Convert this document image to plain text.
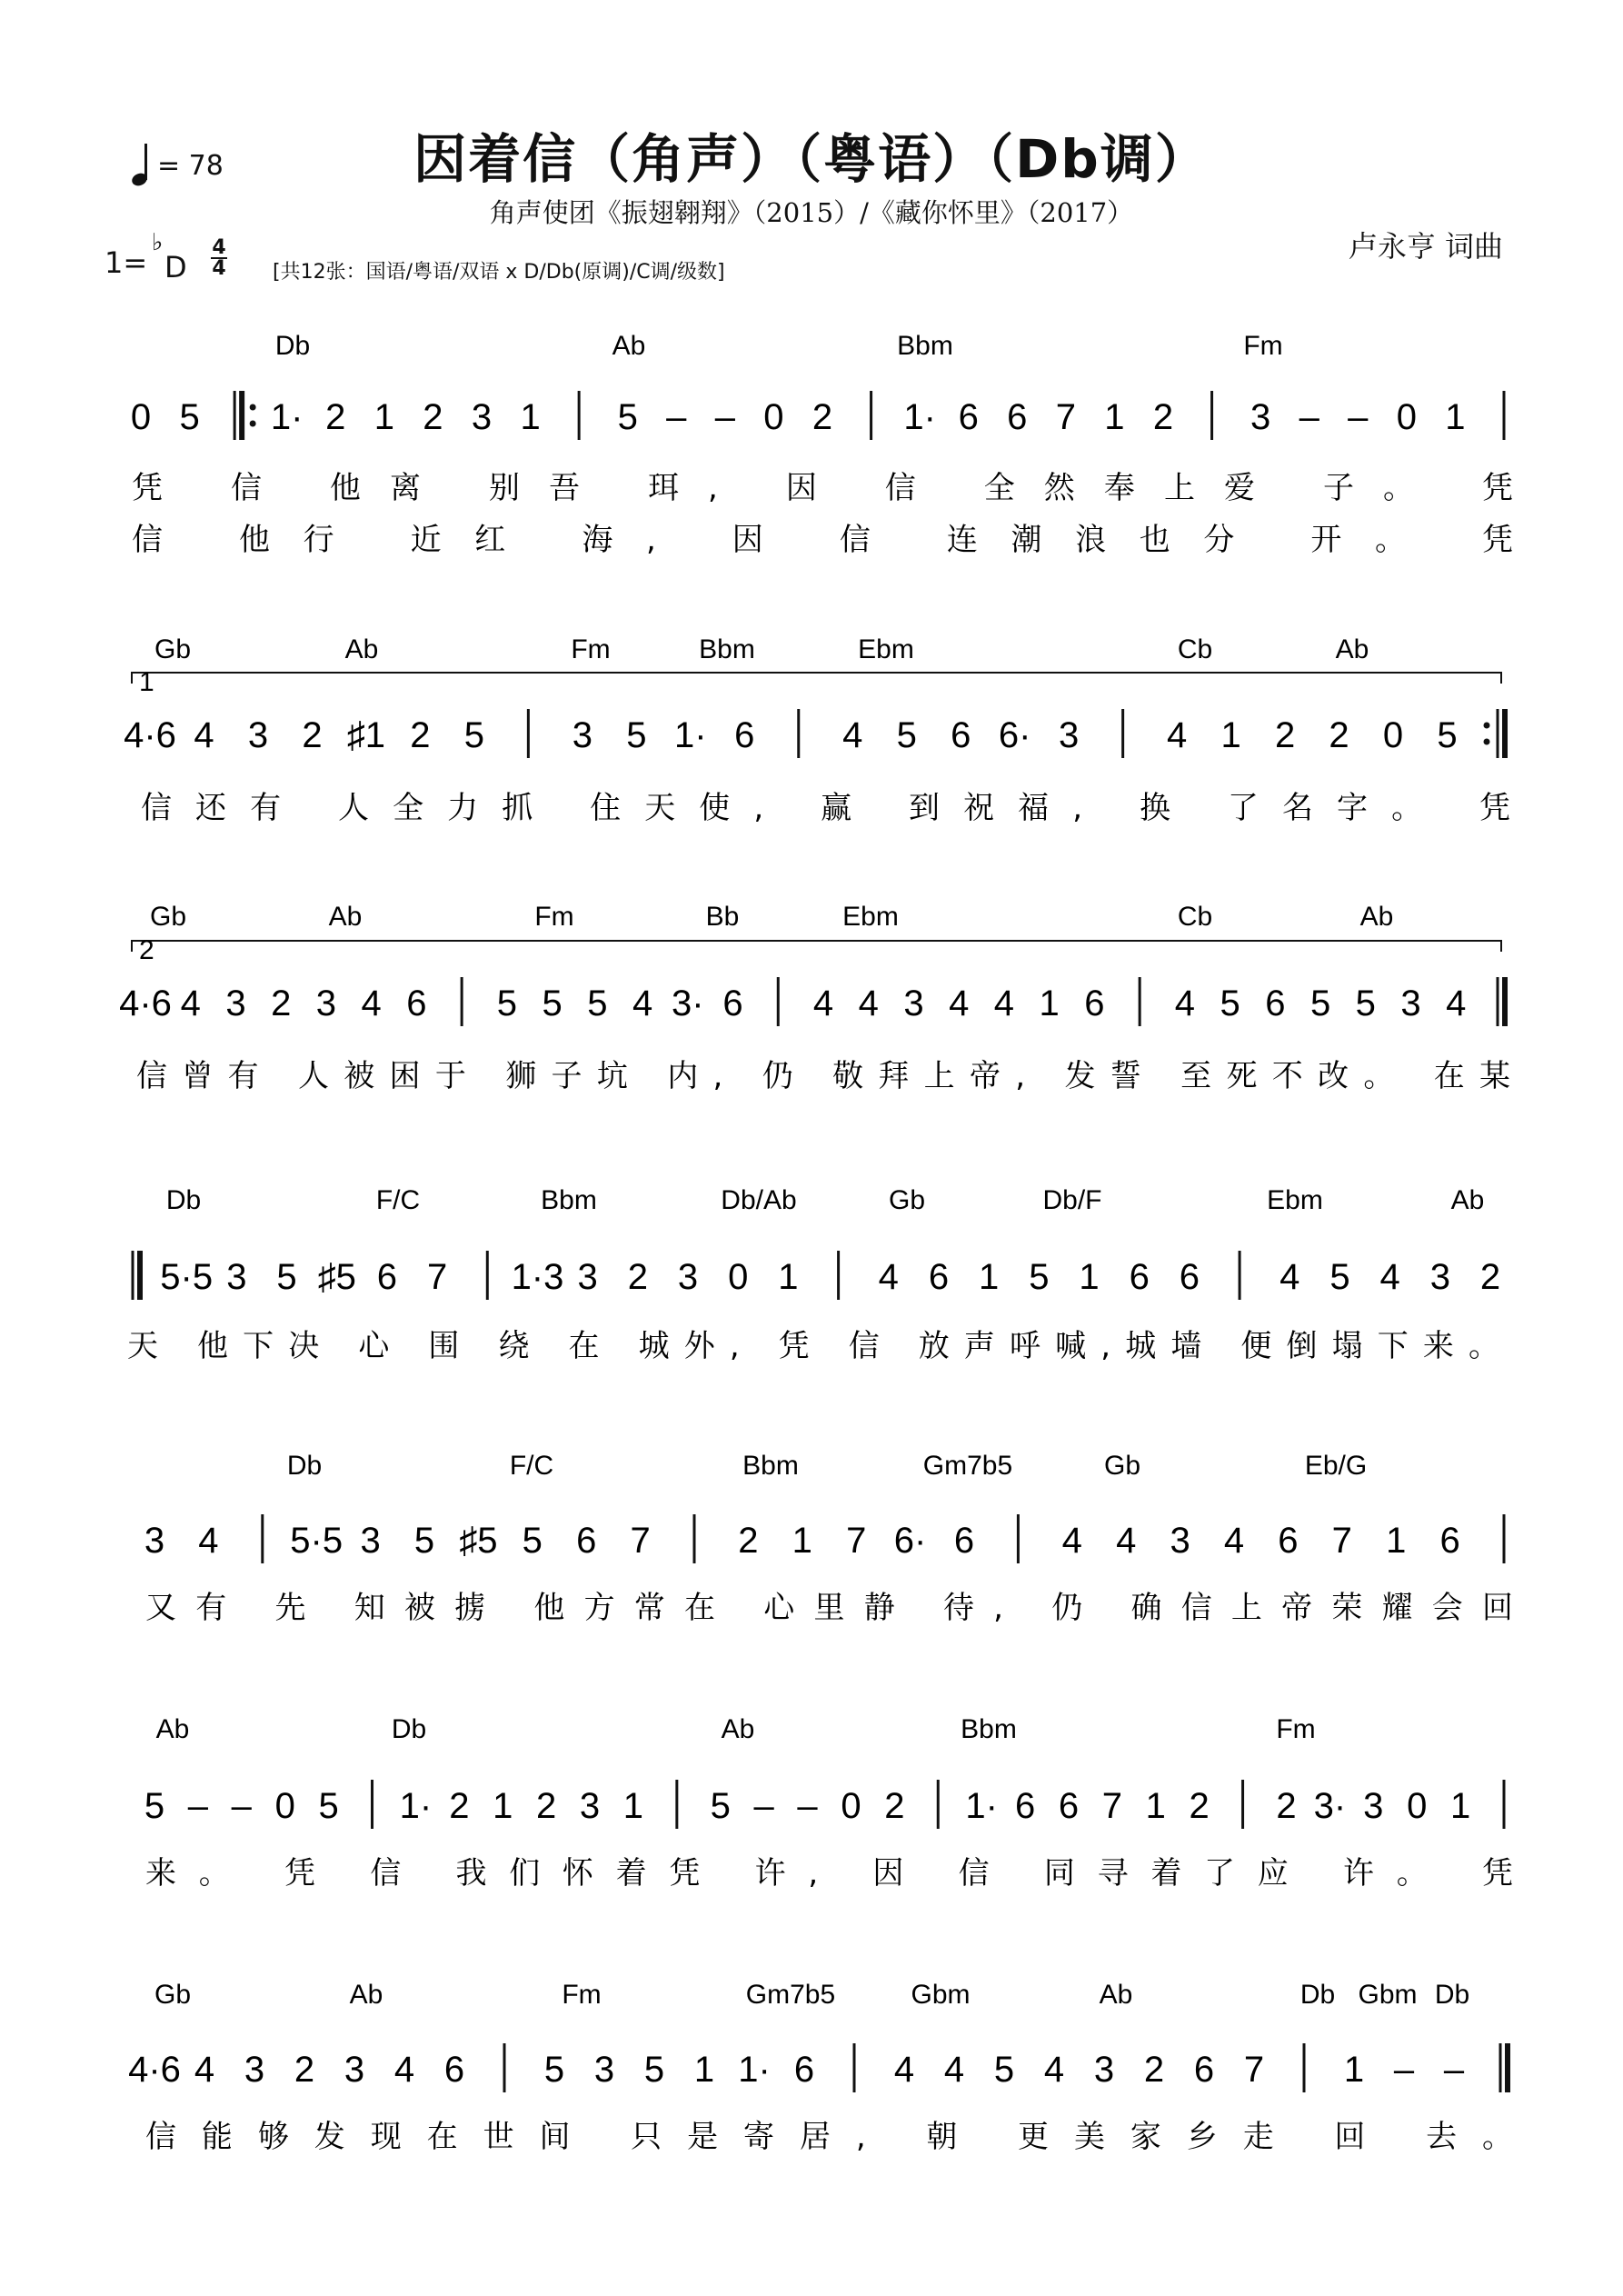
因着信（角声）（粤语）（Db调）
角声使团《振翅翱翔》（2015）/《藏你怀里》（2017）
卢永亨 词曲
= 78
1=
♭
D
4
4 [共12张：国语/粤语/双语 x D/Db(原调)/C调/级数]
Db	Ab	Bbm	Fm
0 5 1· 2 1 2 3 1 5 – – 0 2 1· 6 6 7 1 2 3 – – 0 1
凭 信 他离 别吾 珥, 因 信 全然奉上爱 子。 凭
信 他行 近红 海, 因 信 连潮浪也分 开。 凭
1
Gb	Ab	Fm	Bbm	Ebm	Cb	Ab
4·6 4 3 2 ♯1 2 5 3 5 1· 6 4 5 6 6· 3 4 1 2 2 0 5
信还有 人全力抓 住天使, 赢 到祝福, 换 了名字。 凭
2
Gb	Ab	Fm	Bb	Ebm	Cb	Ab
4·6 4 3 2 3 4 6 5 5 5 4 3· 6 4 4 3 4 4 1 6 4 5 6 5 5 3 4
信曾有 人被困于 狮子坑 内, 仍 敬拜上帝, 发誓 至死不改。 在某
Db	F/C	Bbm	Db/Ab	Gb	Db/F	Ebm	Ab
5·5 3 5 ♯5 6 7 1·3 3 2 3 0 1 4 6 1 5 1 6 6 4 5 4 3 2
天 他下决 心 围 绕 在 城外, 凭 信 放声呼喊,城墙 便倒塌下来。
Db	F/C	Bbm	Gm7b5	Gb	Eb/G
3 4 5·5 3 5 ♯5 5 6 7 2 1 7 6· 6 4 4 3 4 6 7 1 6
又有 先 知被掳 他方常在 心里静 待, 仍 确信上帝荣耀会回
Ab	Db	Ab	Bbm	Fm
5 – – 0 5 1· 2 1 2 3 1 5 – – 0 2 1· 6 6 7 1 2 2 3· 3 0 1
来。 凭 信 我们怀着凭 许, 因 信 同寻着了应 许。 凭
Gb	Ab	Fm	Gm7b5	Gbm	Ab	Db Gbm Db
4·6 4 3 2 3 4 6 5 3 5 1 1· 6 4 4 5 4 3 2 6 7 1 – –
信能够发现在世间 只是寄居, 朝 更美家乡走 回 去。
